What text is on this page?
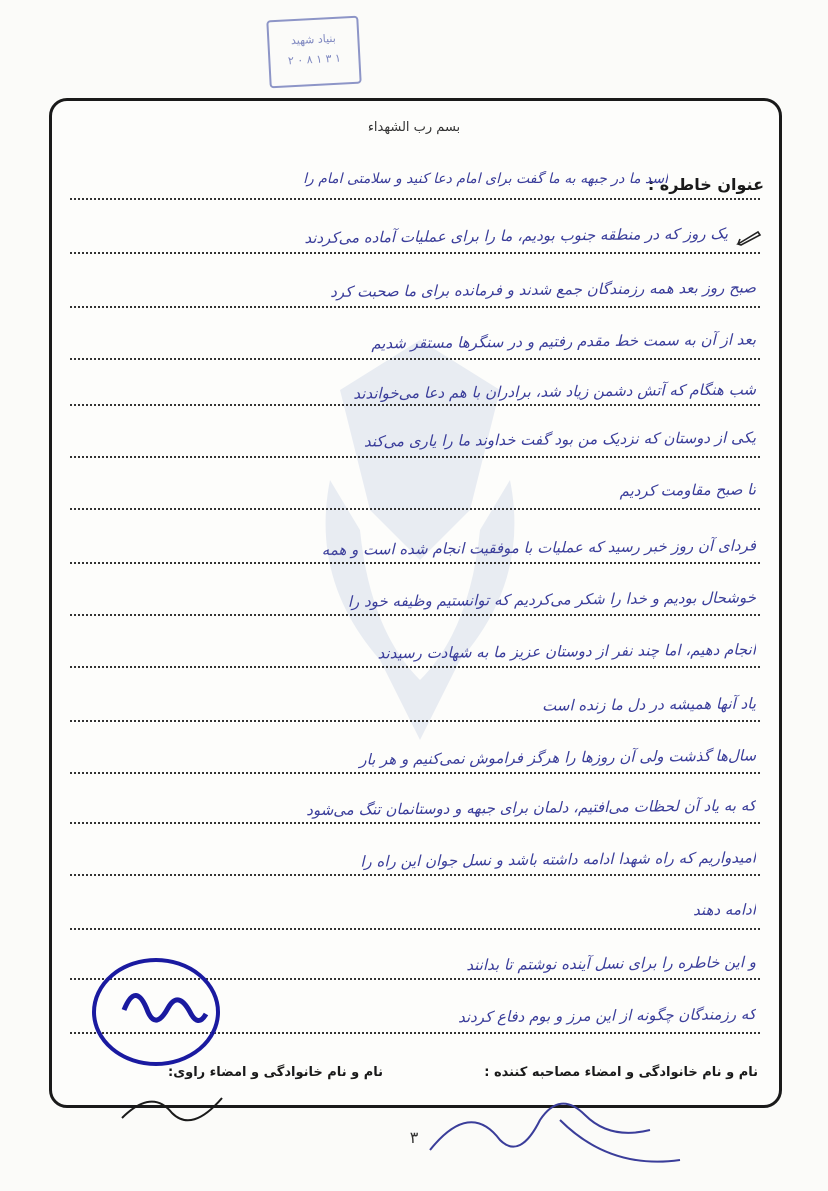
بنیاد شهید
۲ ۰ ۸ ۱ ۳ ۱
بسم رب الشهداء
عنوان خاطره :
اسد ما در جبهه به ما گفت برای امام دعا کنید و سلامتی امام را
یک روز که در منطقه جنوب بودیم، ما را برای عملیات آماده می‌کردند
صبح روز بعد همه رزمندگان جمع شدند و فرمانده برای ما صحبت کرد
بعد از آن به سمت خط مقدم رفتیم و در سنگرها مستقر شدیم
شب هنگام که آتش دشمن زیاد شد، برادران با هم دعا می‌خواندند
یکی از دوستان که نزدیک من بود گفت خداوند ما را یاری می‌کند
تا صبح مقاومت کردیم
فردای آن روز خبر رسید که عملیات با موفقیت انجام شده است و همه
خوشحال بودیم و خدا را شکر می‌کردیم که توانستیم وظیفه خود را
انجام دهیم، اما چند نفر از دوستان عزیز ما به شهادت رسیدند
یاد آنها همیشه در دل ما زنده است
سال‌ها گذشت ولی آن روزها را هرگز فراموش نمی‌کنیم و هر بار
که به یاد آن لحظات می‌افتیم، دلمان برای جبهه و دوستانمان تنگ می‌شود
امیدواریم که راه شهدا ادامه داشته باشد و نسل جوان این راه را
ادامه دهند
و این خاطره را برای نسل آینده نوشتم تا بدانند
که رزمندگان چگونه از این مرز و بوم دفاع کردند
نام و نام خانوادگی و امضاء مصاحبه کننده :
نام و نام خانوادگی و امضاء راوی:
۳
